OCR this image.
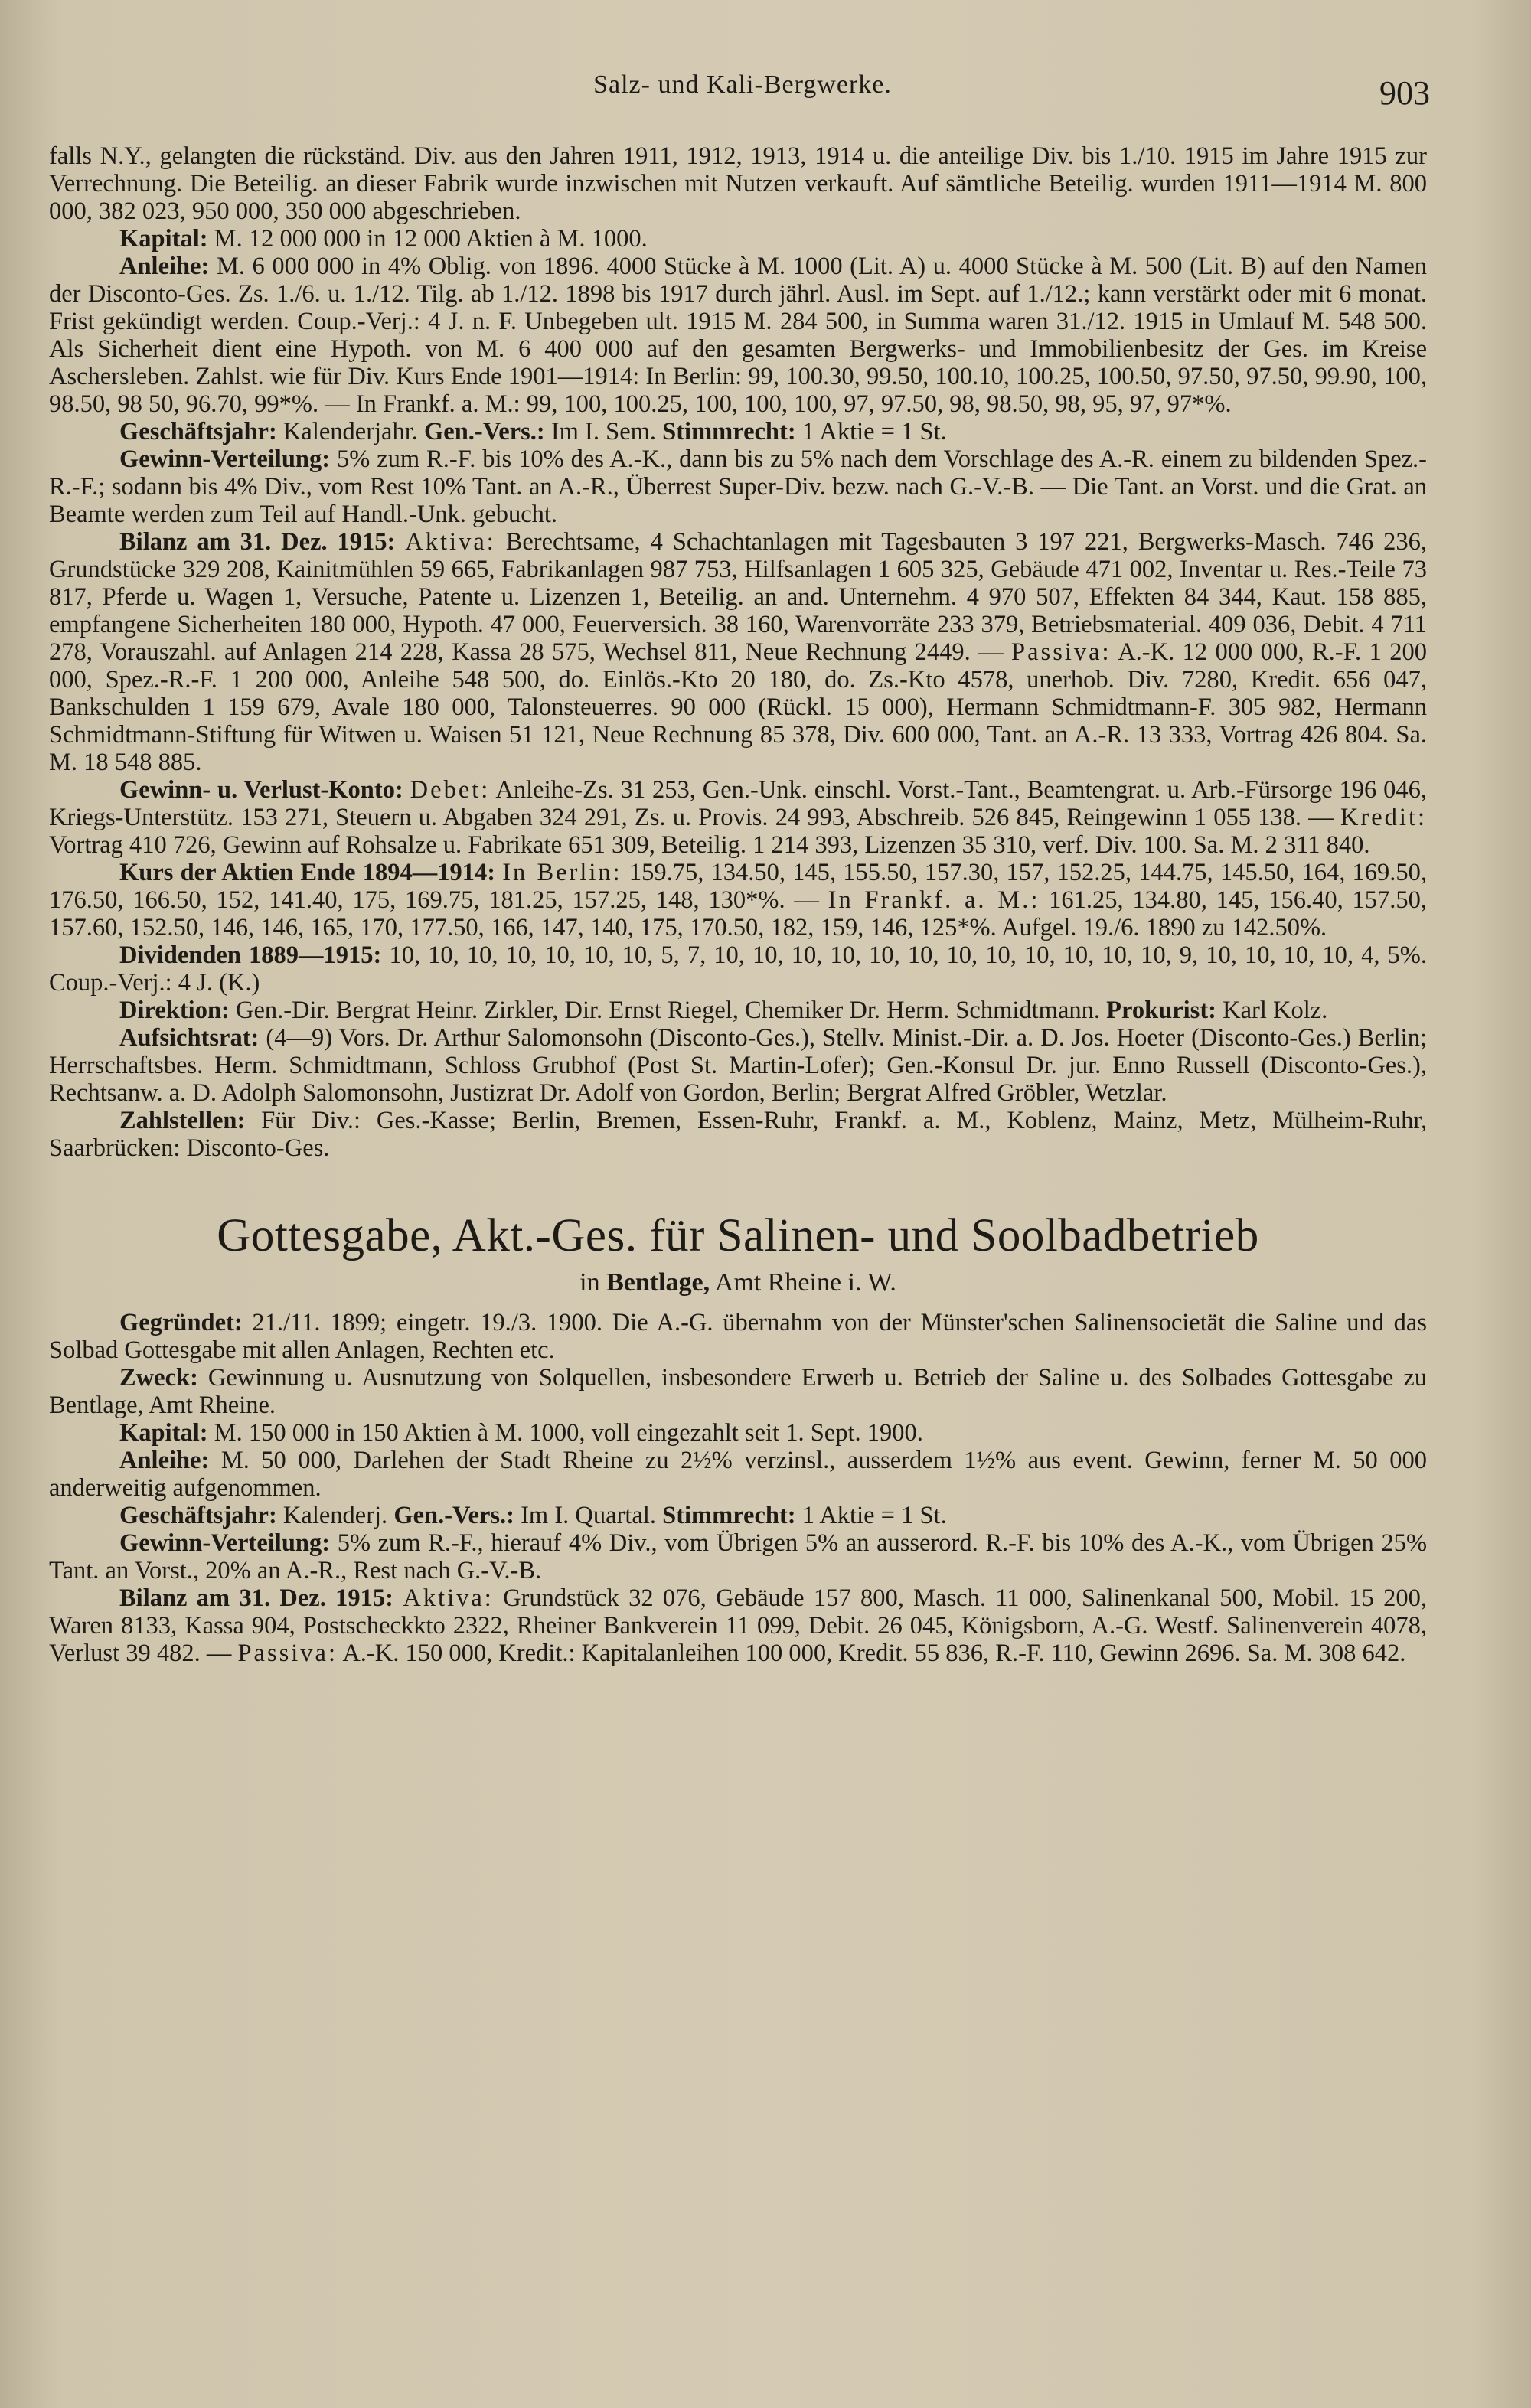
Salz- und Kali-Bergwerke.	903

falls N.Y., gelangten die rückständ. Div. aus den Jahren 1911, 1912, 1913, 1914 u. die anteilige Div. bis 1./10. 1915 im Jahre 1915 zur Verrechnung. Die Beteilig. an dieser Fabrik wurde inzwischen mit Nutzen verkauft. Auf sämtliche Beteilig. wurden 1911—1914 M. 800 000, 382 023, 950 000, 350 000 abgeschrieben.

Kapital: M. 12 000 000 in 12 000 Aktien à M. 1000.

Anleihe: M. 6 000 000 in 4% Oblig. von 1896. 4000 Stücke à M. 1000 (Lit. A) u. 4000 Stücke à M. 500 (Lit. B) auf den Namen der Disconto-Ges. Zs. 1./6. u. 1./12. Tilg. ab 1./12. 1898 bis 1917 durch jährl. Ausl. im Sept. auf 1./12.; kann verstärkt oder mit 6 monat. Frist gekündigt werden. Coup.-Verj.: 4 J. n. F. Unbegeben ult. 1915 M. 284 500, in Summa waren 31./12. 1915 in Umlauf M. 548 500. Als Sicherheit dient eine Hypoth. von M. 6 400 000 auf den gesamten Bergwerks- und Immobilienbesitz der Ges. im Kreise Aschersleben. Zahlst. wie für Div. Kurs Ende 1901—1914: In Berlin: 99, 100.30, 99.50, 100.10, 100.25, 100.50, 97.50, 97.50, 99.90, 100, 98.50, 98 50, 96.70, 99*%. — In Frankf. a. M.: 99, 100, 100.25, 100, 100, 100, 97, 97.50, 98, 98.50, 98, 95, 97, 97*%.

Geschäftsjahr: Kalenderjahr. Gen.-Vers.: Im I. Sem. Stimmrecht: 1 Aktie = 1 St.

Gewinn-Verteilung: 5% zum R.-F. bis 10% des A.-K., dann bis zu 5% nach dem Vorschlage des A.-R. einem zu bildenden Spez.-R.-F.; sodann bis 4% Div., vom Rest 10% Tant. an A.-R., Überrest Super-Div. bezw. nach G.-V.-B. — Die Tant. an Vorst. und die Grat. an Beamte werden zum Teil auf Handl.-Unk. gebucht.

Bilanz am 31. Dez. 1915: Aktiva: Berechtsame, 4 Schachtanlagen mit Tagesbauten 3 197 221, Bergwerks-Masch. 746 236, Grundstücke 329 208, Kainitmühlen 59 665, Fabrikanlagen 987 753, Hilfsanlagen 1 605 325, Gebäude 471 002, Inventar u. Res.-Teile 73 817, Pferde u. Wagen 1, Versuche, Patente u. Lizenzen 1, Beteilig. an and. Unternehm. 4 970 507, Effekten 84 344, Kaut. 158 885, empfangene Sicherheiten 180 000, Hypoth. 47 000, Feuerversich. 38 160, Warenvorräte 233 379, Betriebsmaterial. 409 036, Debit. 4 711 278, Vorauszahl. auf Anlagen 214 228, Kassa 28 575, Wechsel 811, Neue Rechnung 2449. — Passiva: A.-K. 12 000 000, R.-F. 1 200 000, Spez.-R.-F. 1 200 000, Anleihe 548 500, do. Einlös.-Kto 20 180, do. Zs.-Kto 4578, unerhob. Div. 7280, Kredit. 656 047, Bankschulden 1 159 679, Avale 180 000, Talonsteuerres. 90 000 (Rückl. 15 000), Hermann Schmidtmann-F. 305 982, Hermann Schmidtmann-Stiftung für Witwen u. Waisen 51 121, Neue Rechnung 85 378, Div. 600 000, Tant. an A.-R. 13 333, Vortrag 426 804. Sa. M. 18 548 885.

Gewinn- u. Verlust-Konto: Debet: Anleihe-Zs. 31 253, Gen.-Unk. einschl. Vorst.-Tant., Beamtengrat. u. Arb.-Fürsorge 196 046, Kriegs-Unterstütz. 153 271, Steuern u. Abgaben 324 291, Zs. u. Provis. 24 993, Abschreib. 526 845, Reingewinn 1 055 138. — Kredit: Vortrag 410 726, Gewinn auf Rohsalze u. Fabrikate 651 309, Beteilig. 1 214 393, Lizenzen 35 310, verf. Div. 100. Sa. M. 2 311 840.

Kurs der Aktien Ende 1894—1914: In Berlin: 159.75, 134.50, 145, 155.50, 157.30, 157, 152.25, 144.75, 145.50, 164, 169.50, 176.50, 166.50, 152, 141.40, 175, 169.75, 181.25, 157.25, 148, 130*%. — In Frankf. a. M.: 161.25, 134.80, 145, 156.40, 157.50, 157.60, 152.50, 146, 146, 165, 170, 177.50, 166, 147, 140, 175, 170.50, 182, 159, 146, 125*%. Aufgel. 19./6. 1890 zu 142.50%.

Dividenden 1889—1915: 10, 10, 10, 10, 10, 10, 10, 5, 7, 10, 10, 10, 10, 10, 10, 10, 10, 10, 10, 10, 10, 9, 10, 10, 10, 10, 4, 5%. Coup.-Verj.: 4 J. (K.)

Direktion: Gen.-Dir. Bergrat Heinr. Zirkler, Dir. Ernst Riegel, Chemiker Dr. Herm. Schmidtmann. Prokurist: Karl Kolz.

Aufsichtsrat: (4—9) Vors. Dr. Arthur Salomonsohn (Disconto-Ges.), Stellv. Minist.-Dir. a. D. Jos. Hoeter (Disconto-Ges.) Berlin; Herrschaftsbes. Herm. Schmidtmann, Schloss Grubhof (Post St. Martin-Lofer); Gen.-Konsul Dr. jur. Enno Russell (Disconto-Ges.), Rechtsanw. a. D. Adolph Salomonsohn, Justizrat Dr. Adolf von Gordon, Berlin; Bergrat Alfred Gröbler, Wetzlar.

Zahlstellen: Für Div.: Ges.-Kasse; Berlin, Bremen, Essen-Ruhr, Frankf. a. M., Koblenz, Mainz, Metz, Mülheim-Ruhr, Saarbrücken: Disconto-Ges.

Gottesgabe, Akt.-Ges. für Salinen- und Soolbadbetrieb

in Bentlage, Amt Rheine i. W.

Gegründet: 21./11. 1899; eingetr. 19./3. 1900. Die A.-G. übernahm von der Münster'schen Salinensocietät die Saline und das Solbad Gottesgabe mit allen Anlagen, Rechten etc.

Zweck: Gewinnung u. Ausnutzung von Solquellen, insbesondere Erwerb u. Betrieb der Saline u. des Solbades Gottesgabe zu Bentlage, Amt Rheine.

Kapital: M. 150 000 in 150 Aktien à M. 1000, voll eingezahlt seit 1. Sept. 1900.

Anleihe: M. 50 000, Darlehen der Stadt Rheine zu 2½% verzinsl., ausserdem 1½% aus event. Gewinn, ferner M. 50 000 anderweitig aufgenommen.

Geschäftsjahr: Kalenderj. Gen.-Vers.: Im I. Quartal. Stimmrecht: 1 Aktie = 1 St.

Gewinn-Verteilung: 5% zum R.-F., hierauf 4% Div., vom Übrigen 5% an ausserord. R.-F. bis 10% des A.-K., vom Übrigen 25% Tant. an Vorst., 20% an A.-R., Rest nach G.-V.-B.

Bilanz am 31. Dez. 1915: Aktiva: Grundstück 32 076, Gebäude 157 800, Masch. 11 000, Salinenkanal 500, Mobil. 15 200, Waren 8133, Kassa 904, Postscheckkto 2322, Rheiner Bankverein 11 099, Debit. 26 045, Königsborn, A.-G. Westf. Salinenverein 4078, Verlust 39 482. — Passiva: A.-K. 150 000, Kredit.: Kapitalanleihen 100 000, Kredit. 55 836, R.-F. 110, Gewinn 2696. Sa. M. 308 642.
